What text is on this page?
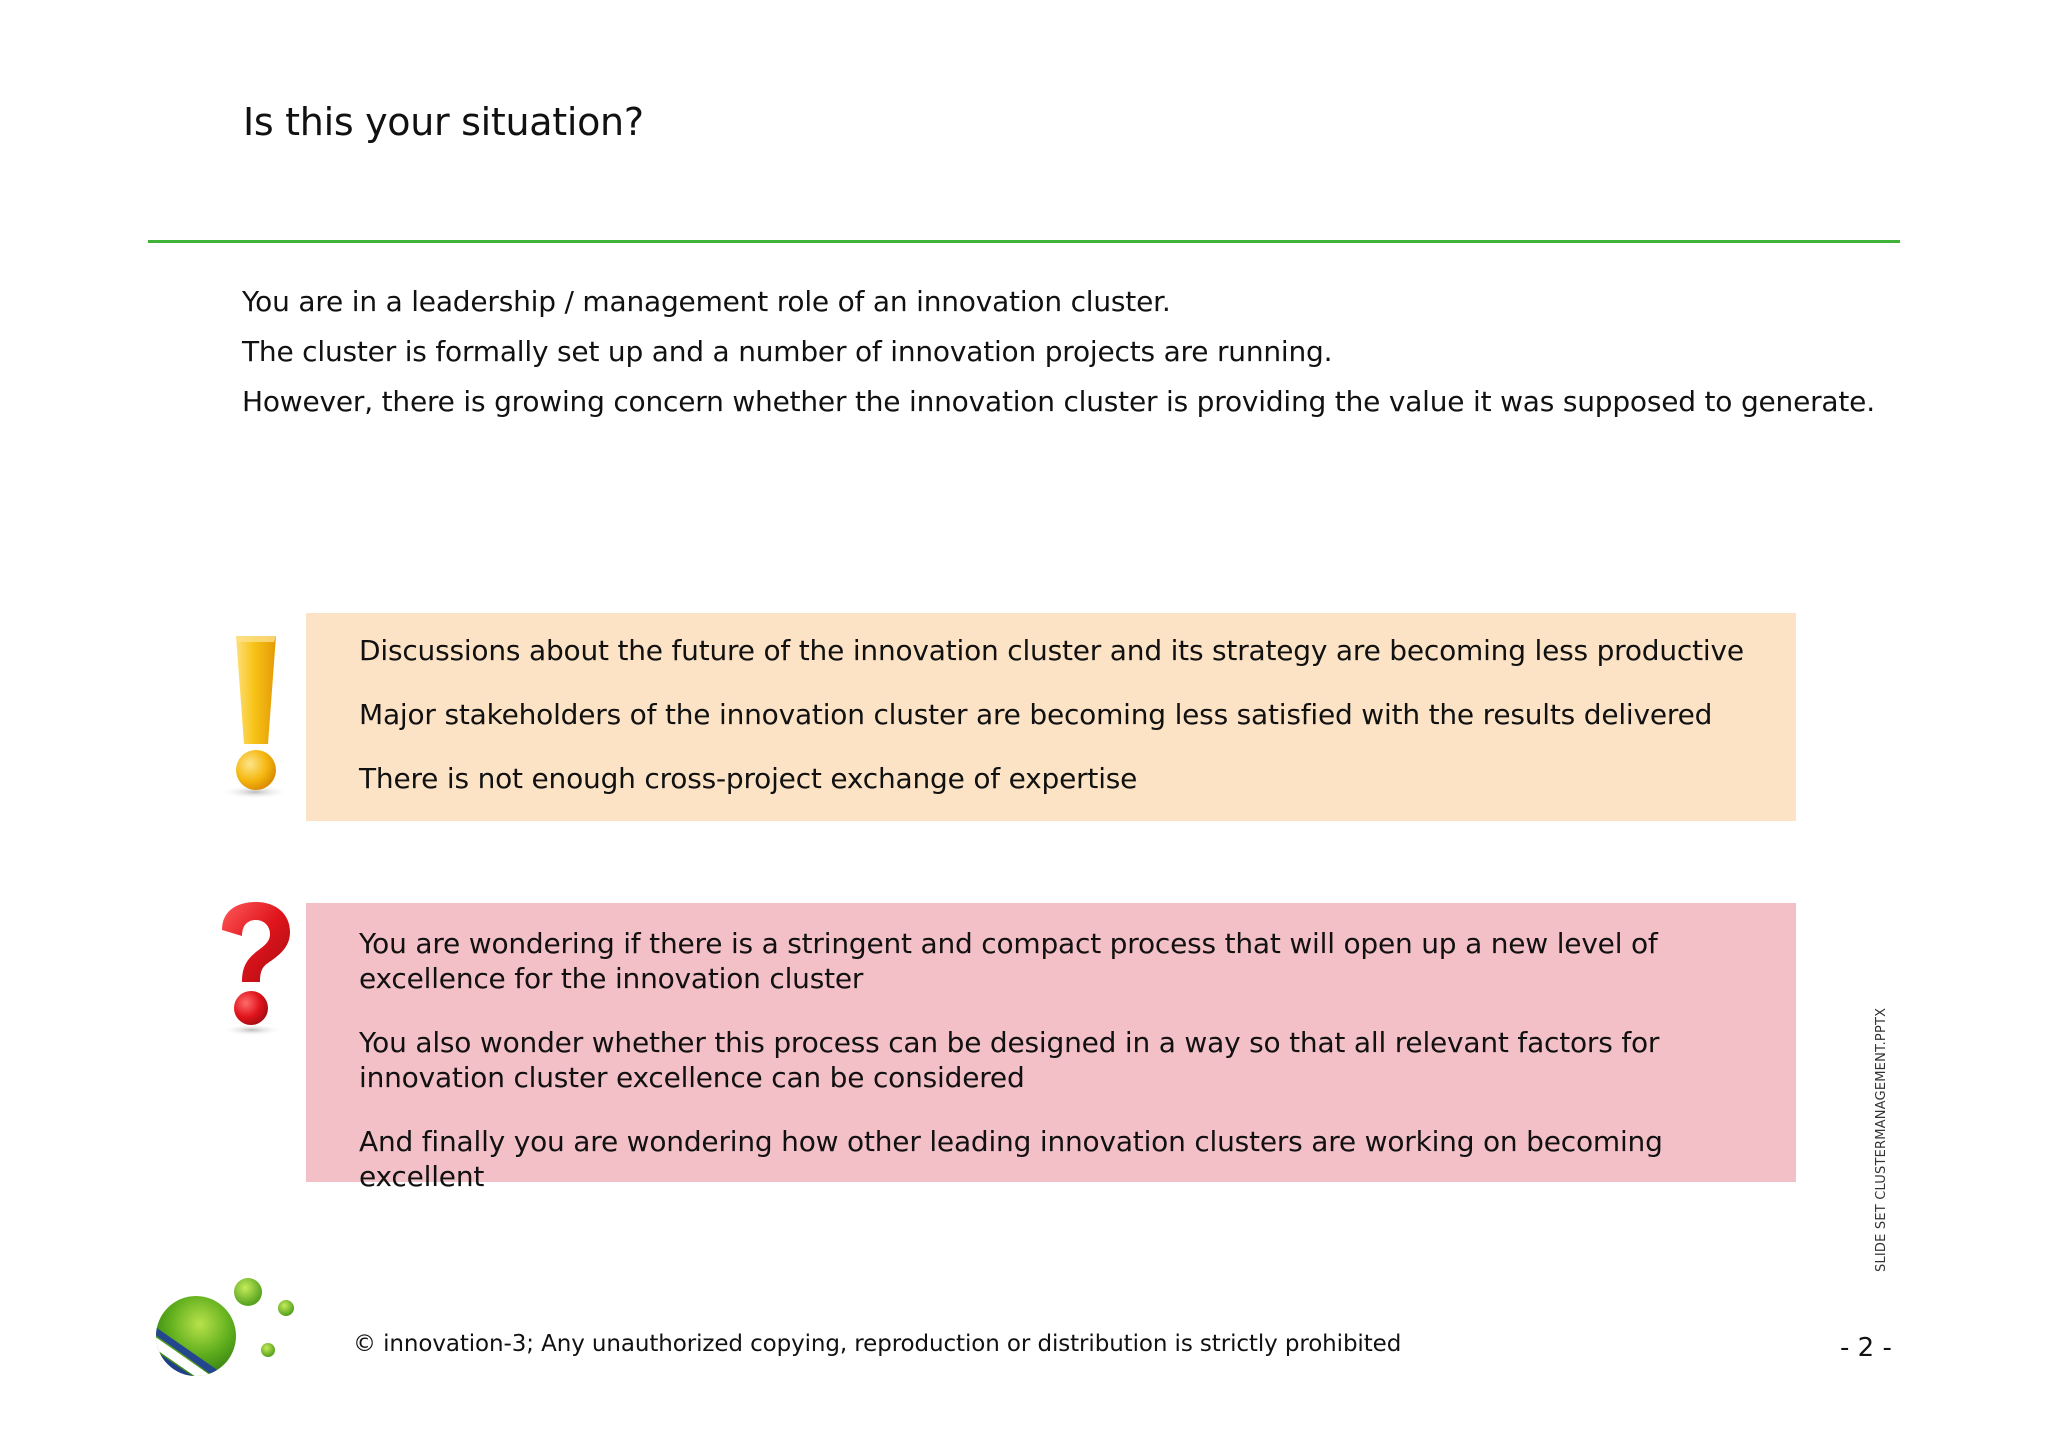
Is this your situation?
You are in a leadership / management role of an innovation cluster.
The cluster is formally set up and a number of innovation projects are running.
However, there is growing concern whether the innovation cluster is providing the value it was supposed to generate.
Discussions about the future of the innovation cluster and its strategy are becoming less productive
Major stakeholders of the innovation cluster are becoming less satisfied with the results delivered
There is not enough cross-project exchange of expertise
You are wondering if there is a stringent and compact process that will open up a new level of excellence for the innovation cluster
You also wonder whether this process can be designed in a way so that all relevant factors for innovation cluster excellence can be considered
And finally you are wondering how other leading innovation clusters are working on becoming excellent	SLIDE SET CLUSTERMANAGEMENT.PPTX
© innovation-3; Any unauthorized copying, reproduction or distribution is strictly prohibited	- 2 -
